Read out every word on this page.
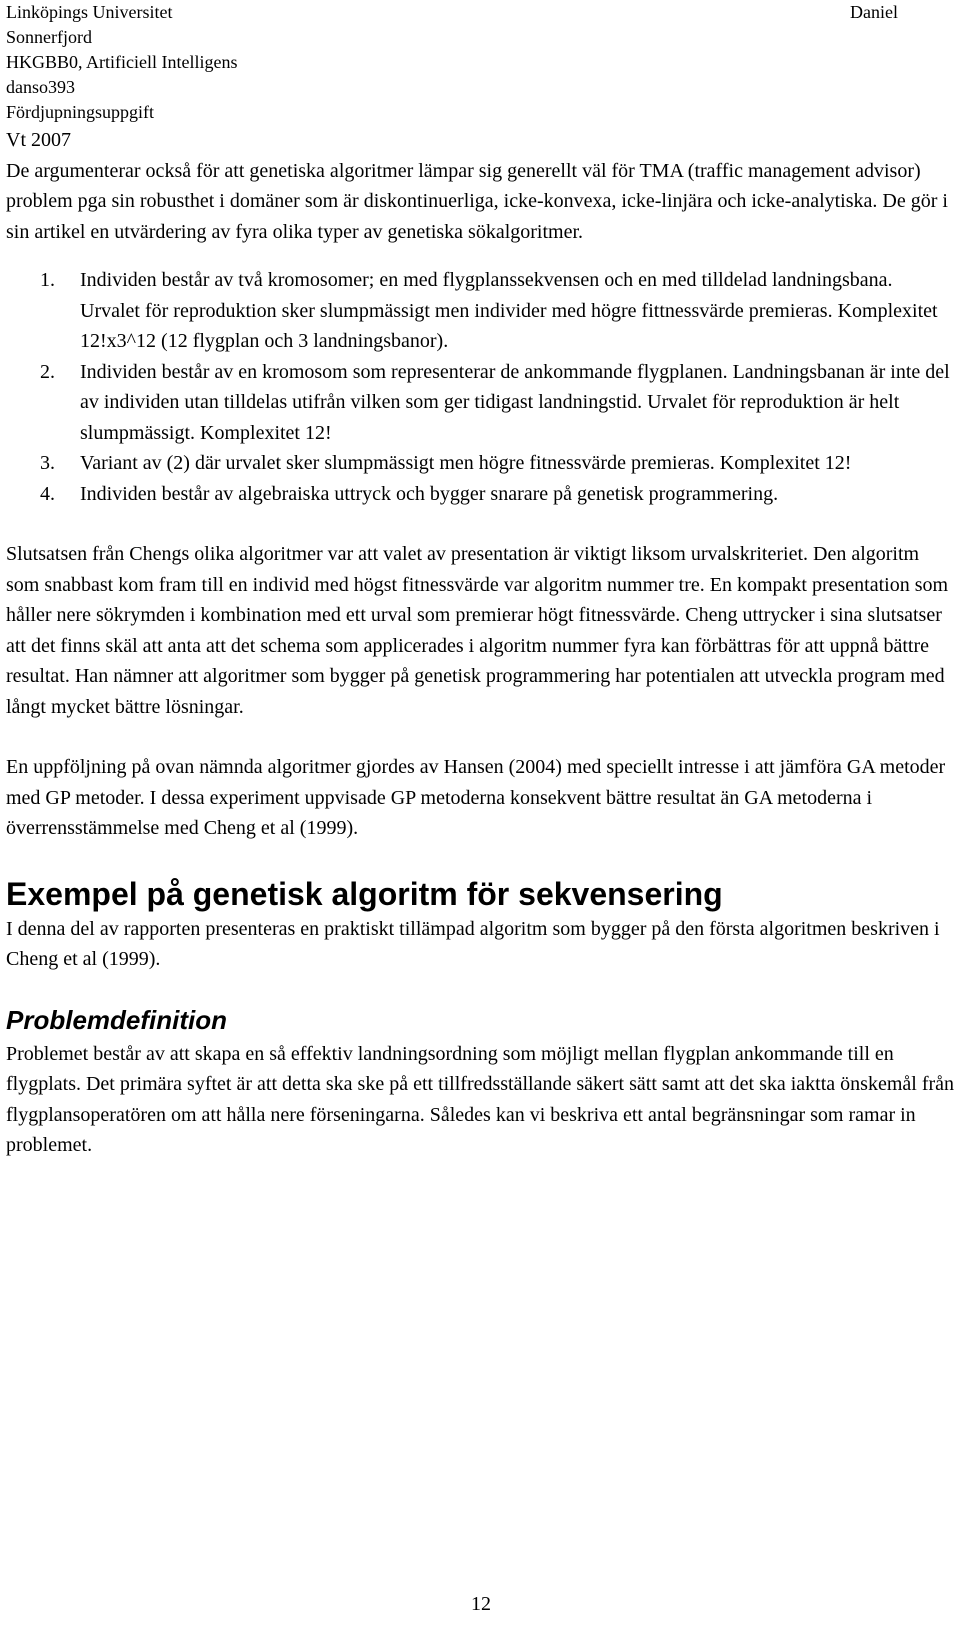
Linköpings Universitet	Daniel
Sonnerfjord
HKGBB0, Artificiell Intelligens
danso393
Fördjupningsuppgift
Vt 2007

De argumenterar också för att genetiska algoritmer lämpar sig generellt väl för TMA (traffic management advisor) problem pga sin robusthet i domäner som är diskontinuerliga, icke-konvexa, icke-linjära och icke-analytiska. De gör i sin artikel en utvärdering av fyra olika typer av genetiska sökalgoritmer.

1. Individen består av två kromosomer; en med flygplanssekvensen och en med tilldelad landningsbana. Urvalet för reproduktion sker slumpmässigt men individer med högre fittnessvärde premieras. Komplexitet 12!x3^12 (12 flygplan och 3 landningsbanor).
2. Individen består av en kromosom som representerar de ankommande flygplanen. Landningsbanan är inte del av individen utan tilldelas utifrån vilken som ger tidigast landningstid. Urvalet för reproduktion är helt slumpmässigt. Komplexitet 12!
3. Variant av (2) där urvalet sker slumpmässigt men högre fitnessvärde premieras. Komplexitet 12!
4. Individen består av algebraiska uttryck och bygger snarare på genetisk programmering.

Slutsatsen från Chengs olika algoritmer var att valet av presentation är viktigt liksom urvalskriteriet. Den algoritm som snabbast kom fram till en individ med högst fitnessvärde var algoritm nummer tre. En kompakt presentation som håller nere sökrymden i kombination med ett urval som premierar högt fitnessvärde. Cheng uttrycker i sina slutsatser att det finns skäl att anta att det schema som applicerades i algoritm nummer fyra kan förbättras för att uppnå bättre resultat. Han nämner att algoritmer som bygger på genetisk programmering har potentialen att utveckla program med långt mycket bättre lösningar.

En uppföljning på ovan nämnda algoritmer gjordes av Hansen (2004) med speciellt intresse i att jämföra GA metoder med GP metoder. I dessa experiment uppvisade GP metoderna konsekvent bättre resultat än GA metoderna i överrensstämmelse med Cheng et al (1999).

Exempel på genetisk algoritm för sekvensering

I denna del av rapporten presenteras en praktiskt tillämpad algoritm som bygger på den första algoritmen beskriven i Cheng et al (1999).

Problemdefinition

Problemet består av att skapa en så effektiv landningsordning som möjligt mellan flygplan ankommande till en flygplats. Det primära syftet är att detta ska ske på ett tillfredsställande säkert sätt samt att det ska iaktta önskemål från flygplansoperatören om att hålla nere förseningarna. Således kan vi beskriva ett antal begränsningar som ramar in problemet.

12
